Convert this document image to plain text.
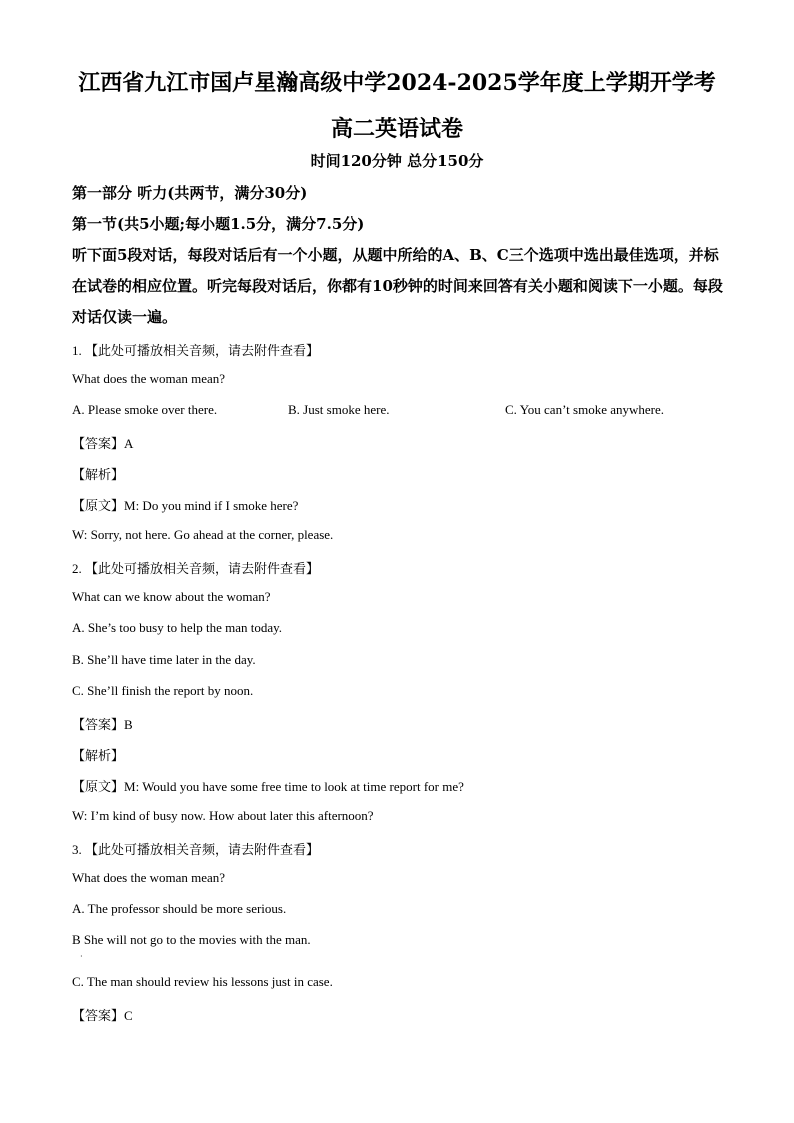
江西省九江市国卢星瀚高级中学2024-2025学年度上学期开学考
高二英语试卷
时间120分钟 总分150分
第一部分 听力(共两节，满分30分)
第一节(共5小题;每小题1.5分，满分7.5分)
听下面5段对话，每段对话后有一个小题，从题中所给的A、B、C三个选项中选出最佳选项，并标在试卷的相应位置。听完每段对话后，你都有10秒钟的时间来回答有关小题和阅读下一小题。每段对话仅读一遍。
1. 【此处可播放相关音频，请去附件查看】
What does the woman mean?
A. Please smoke over there.	B. Just smoke here.	C. You can’t smoke anywhere.
【答案】A
【解析】
【原文】M: Do you mind if I smoke here?
W: Sorry, not here. Go ahead at the corner, please.
2. 【此处可播放相关音频，请去附件查看】
What can we know about the woman?
A. She’s too busy to help the man today.
B. She’ll have time later in the day.
C. She’ll finish the report by noon.
【答案】B
【解析】
【原文】M: Would you have some free time to look at time report for me?
W: I’m kind of busy now. How about later this afternoon?
3. 【此处可播放相关音频，请去附件查看】
What does the woman mean?
A. The professor should be more serious.
B She will not go to the movies with the man.
·
C. The man should review his lessons just in case.
【答案】C
